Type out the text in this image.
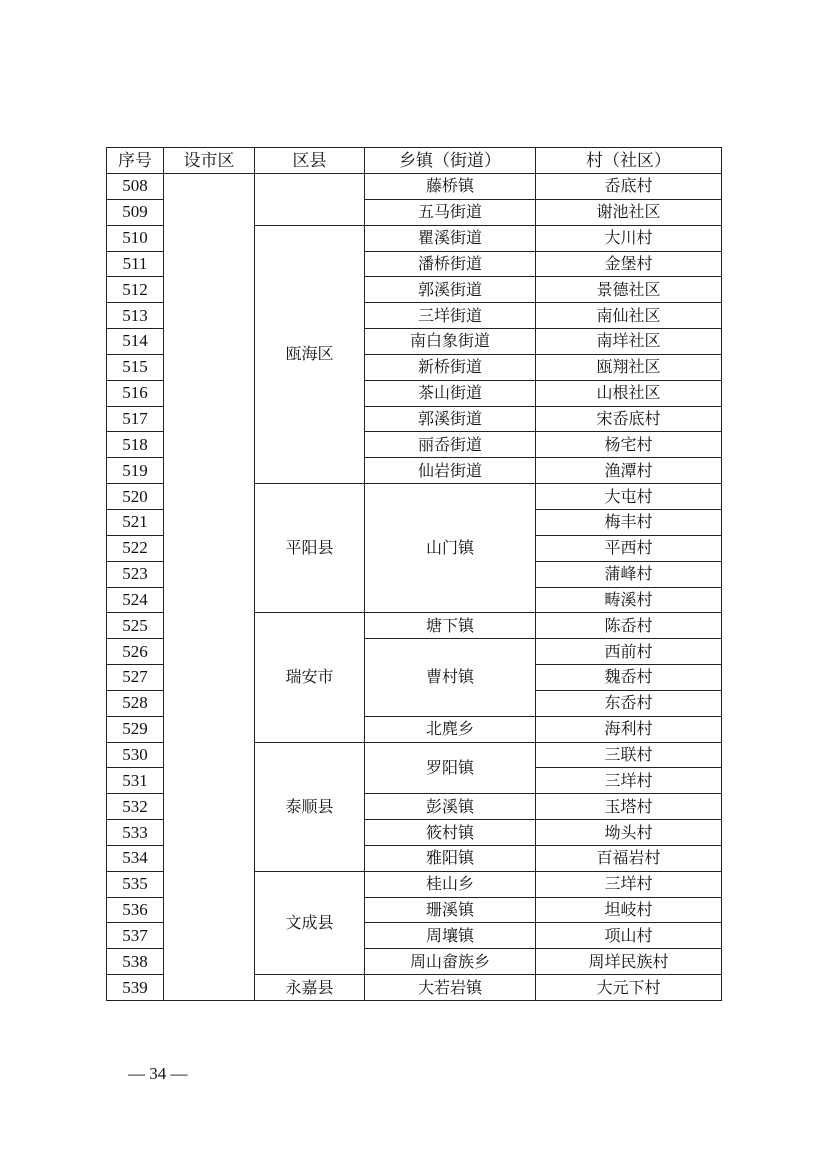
序号	设市区	区县	乡镇（街道）	村（社区）
508			藤桥镇	岙底村
509			五马街道	谢池社区
510		瓯海区	瞿溪街道	大川村
511			潘桥街道	金堡村
512			郭溪街道	景德社区
513			三垟街道	南仙社区
514			南白象街道	南垟社区
515			新桥街道	瓯翔社区
516			茶山街道	山根社区
517			郭溪街道	宋岙底村
518			丽岙街道	杨宅村
519			仙岩街道	渔潭村
520		平阳县	山门镇	大屯村
521				梅丰村
522				平西村
523				蒲峰村
524				畴溪村
525		瑞安市	塘下镇	陈岙村
526			曹村镇	西前村
527				魏岙村
528				东岙村
529			北麂乡	海利村
530		泰顺县	罗阳镇	三联村
531				三垟村
532			彭溪镇	玉塔村
533			筱村镇	坳头村
534			雅阳镇	百福岩村
535		文成县	桂山乡	三垟村
536			珊溪镇	坦岐村
537			周壤镇	项山村
538			周山畲族乡	周垟民族村
539		永嘉县	大若岩镇	大元下村
— 34 —
